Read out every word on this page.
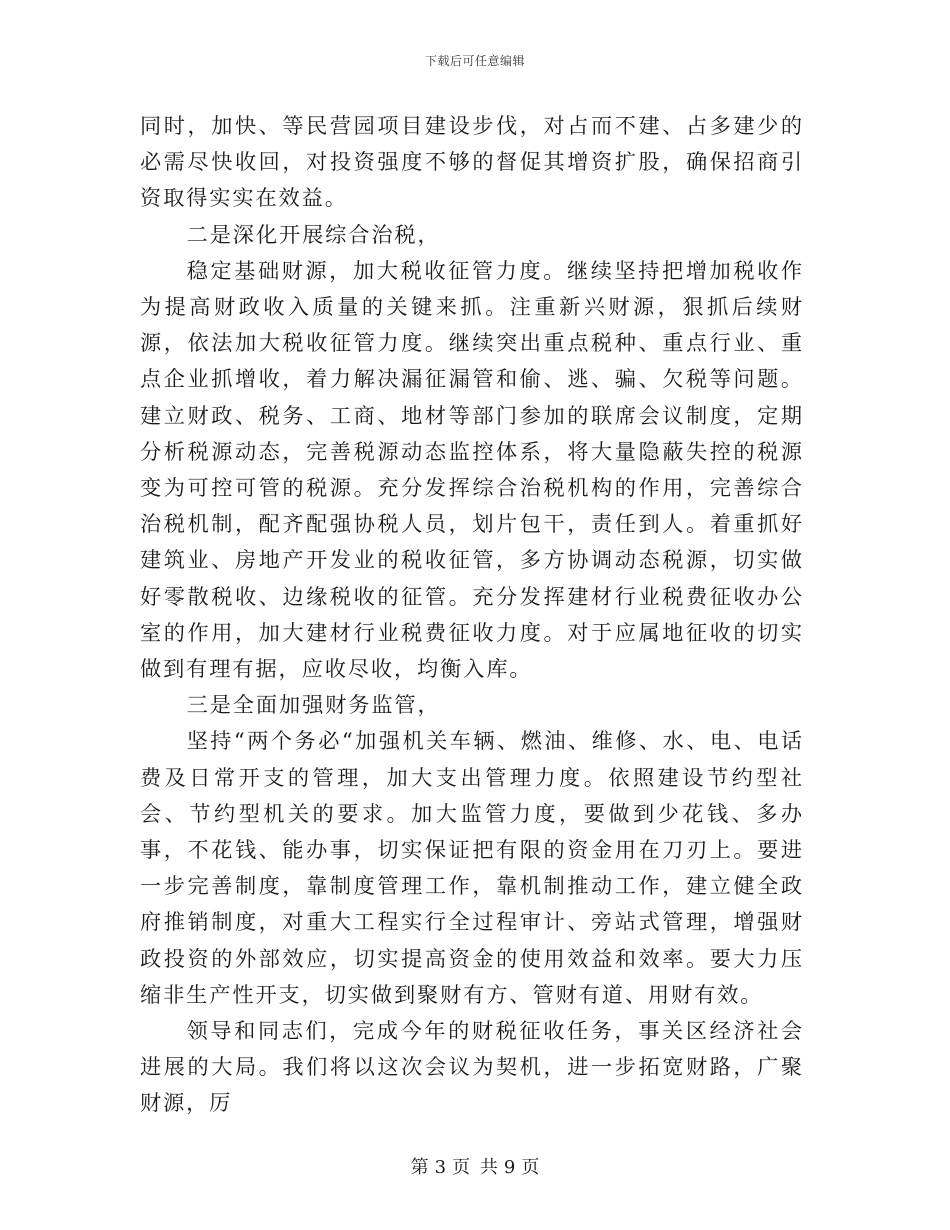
下载后可任意编辑

同时，加快、等民营园项目建设步伐，对占而不建、占多建少的必需尽快收回，对投资强度不够的督促其增资扩股，确保招商引资取得实实在效益。

二是深化开展综合治税，

稳定基础财源，加大税收征管力度。继续坚持把增加税收作为提高财政收入质量的关键来抓。注重新兴财源，狠抓后续财源，依法加大税收征管力度。继续突出重点税种、重点行业、重点企业抓增收，着力解决漏征漏管和偷、逃、骗、欠税等问题。建立财政、税务、工商、地材等部门参加的联席会议制度，定期分析税源动态，完善税源动态监控体系，将大量隐蔽失控的税源变为可控可管的税源。充分发挥综合治税机构的作用，完善综合治税机制，配齐配强协税人员，划片包干，责任到人。着重抓好建筑业、房地产开发业的税收征管，多方协调动态税源，切实做好零散税收、边缘税收的征管。充分发挥建材行业税费征收办公室的作用，加大建材行业税费征收力度。对于应属地征收的切实做到有理有据，应收尽收，均衡入库。

三是全面加强财务监管，

坚持“两个务必“加强机关车辆、燃油、维修、水、电、电话费及日常开支的管理，加大支出管理力度。依照建设节约型社会、节约型机关的要求。加大监管力度，要做到少花钱、多办事，不花钱、能办事，切实保证把有限的资金用在刀刃上。要进一步完善制度，靠制度管理工作，靠机制推动工作，建立健全政府推销制度，对重大工程实行全过程审计、旁站式管理，增强财政投资的外部效应，切实提高资金的使用效益和效率。要大力压缩非生产性开支，切实做到聚财有方、管财有道、用财有效。

领导和同志们，完成今年的财税征收任务，事关区经济社会进展的大局。我们将以这次会议为契机，进一步拓宽财路，广聚财源，厉

第 3 页 共 9 页
